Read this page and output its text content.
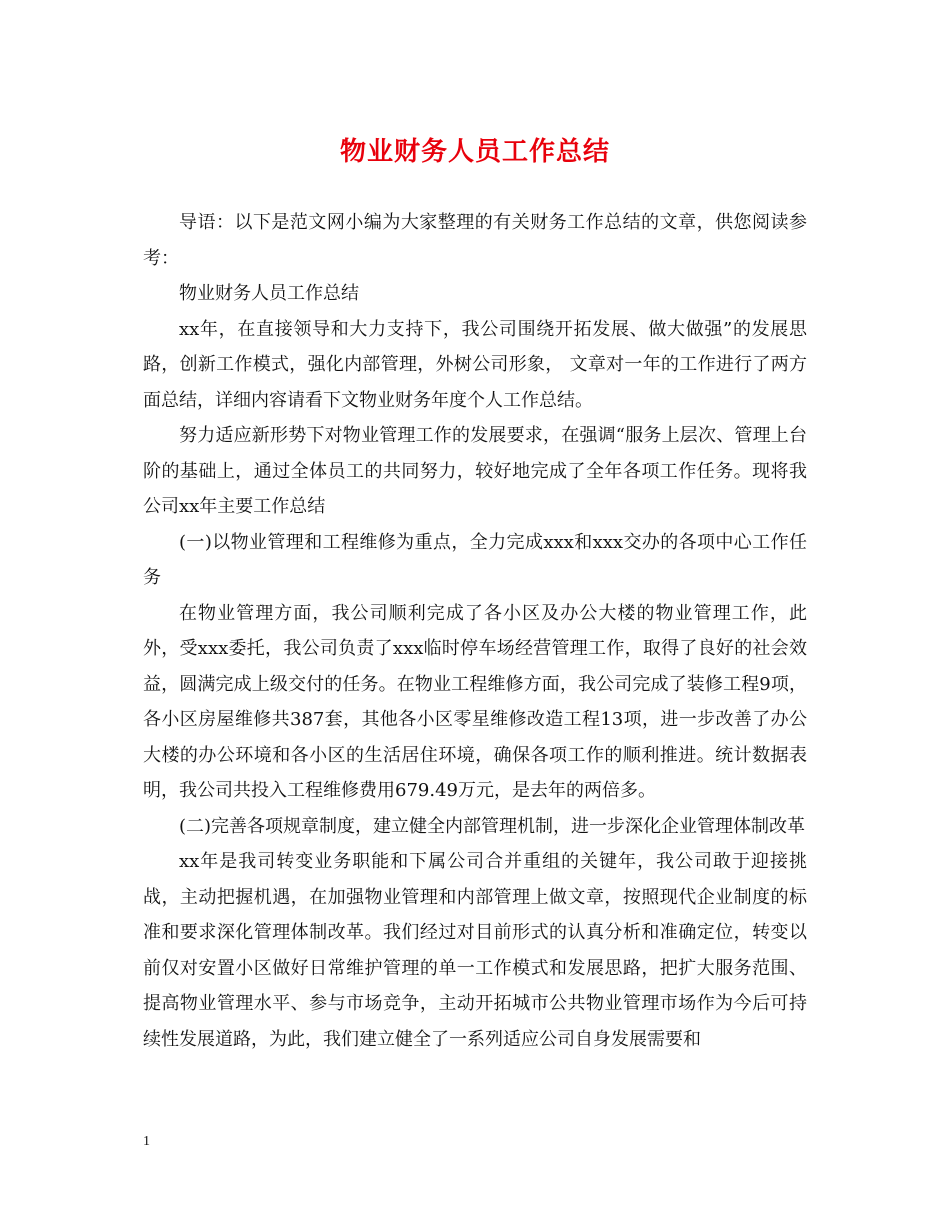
物业财务人员工作总结

导语：以下是范文网小编为大家整理的有关财务工作总结的文章，供您阅读参考：

物业财务人员工作总结

xx年，在直接领导和大力支持下，我公司围绕开拓发展、做大做强”的发展思路，创新工作模式，强化内部管理，外树公司形象， 文章对一年的工作进行了两方面总结，详细内容请看下文物业财务年度个人工作总结。

努力适应新形势下对物业管理工作的发展要求，在强调“服务上层次、管理上台阶的基础上，通过全体员工的共同努力，较好地完成了全年各项工作任务。现将我公司xx年主要工作总结

(一)以物业管理和工程维修为重点，全力完成xxx和xxx交办的各项中心工作任务

在物业管理方面，我公司顺利完成了各小区及办公大楼的物业管理工作，此外，受xxx委托，我公司负责了xxx临时停车场经营管理工作，取得了良好的社会效益，圆满完成上级交付的任务。在物业工程维修方面，我公司完成了装修工程9项，各小区房屋维修共387套，其他各小区零星维修改造工程13项，进一步改善了办公大楼的办公环境和各小区的生活居住环境，确保各项工作的顺利推进。统计数据表明，我公司共投入工程维修费用679.49万元，是去年的两倍多。

(二)完善各项规章制度，建立健全内部管理机制，进一步深化企业管理体制改革

xx年是我司转变业务职能和下属公司合并重组的关键年，我公司敢于迎接挑战，主动把握机遇，在加强物业管理和内部管理上做文章，按照现代企业制度的标准和要求深化管理体制改革。我们经过对目前形式的认真分析和准确定位，转变以前仅对安置小区做好日常维护管理的单一工作模式和发展思路，把扩大服务范围、提高物业管理水平、参与市场竞争，主动开拓城市公共物业管理市场作为今后可持续性发展道路，为此，我们建立健全了一系列适应公司自身发展需要和

1
